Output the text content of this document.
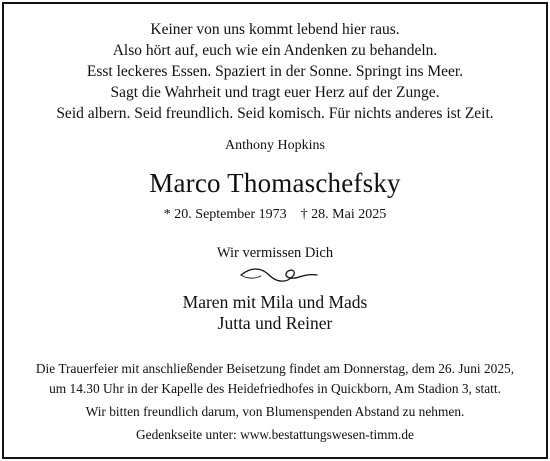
Keiner von uns kommt lebend hier raus.
Also hört auf, euch wie ein Andenken zu behandeln.
Esst leckeres Essen. Spaziert in der Sonne. Springt ins Meer.
Sagt die Wahrheit und tragt euer Herz auf der Zunge.
Seid albern. Seid freundlich. Seid komisch. Für nichts anderes ist Zeit.
Anthony Hopkins
Marco Thomaschefsky
* 20. September 1973 † 28. Mai 2025
Wir vermissen Dich
Maren mit Mila und Mads
Jutta und Reiner
Die Trauerfeier mit anschließender Beisetzung findet am Donnerstag, dem 26. Juni 2025,
um 14.30 Uhr in der Kapelle des Heidefriedhofes in Quickborn, Am Stadion 3, statt.
Wir bitten freundlich darum, von Blumenspenden Abstand zu nehmen.
Gedenkseite unter: www.bestattungswesen-timm.de
